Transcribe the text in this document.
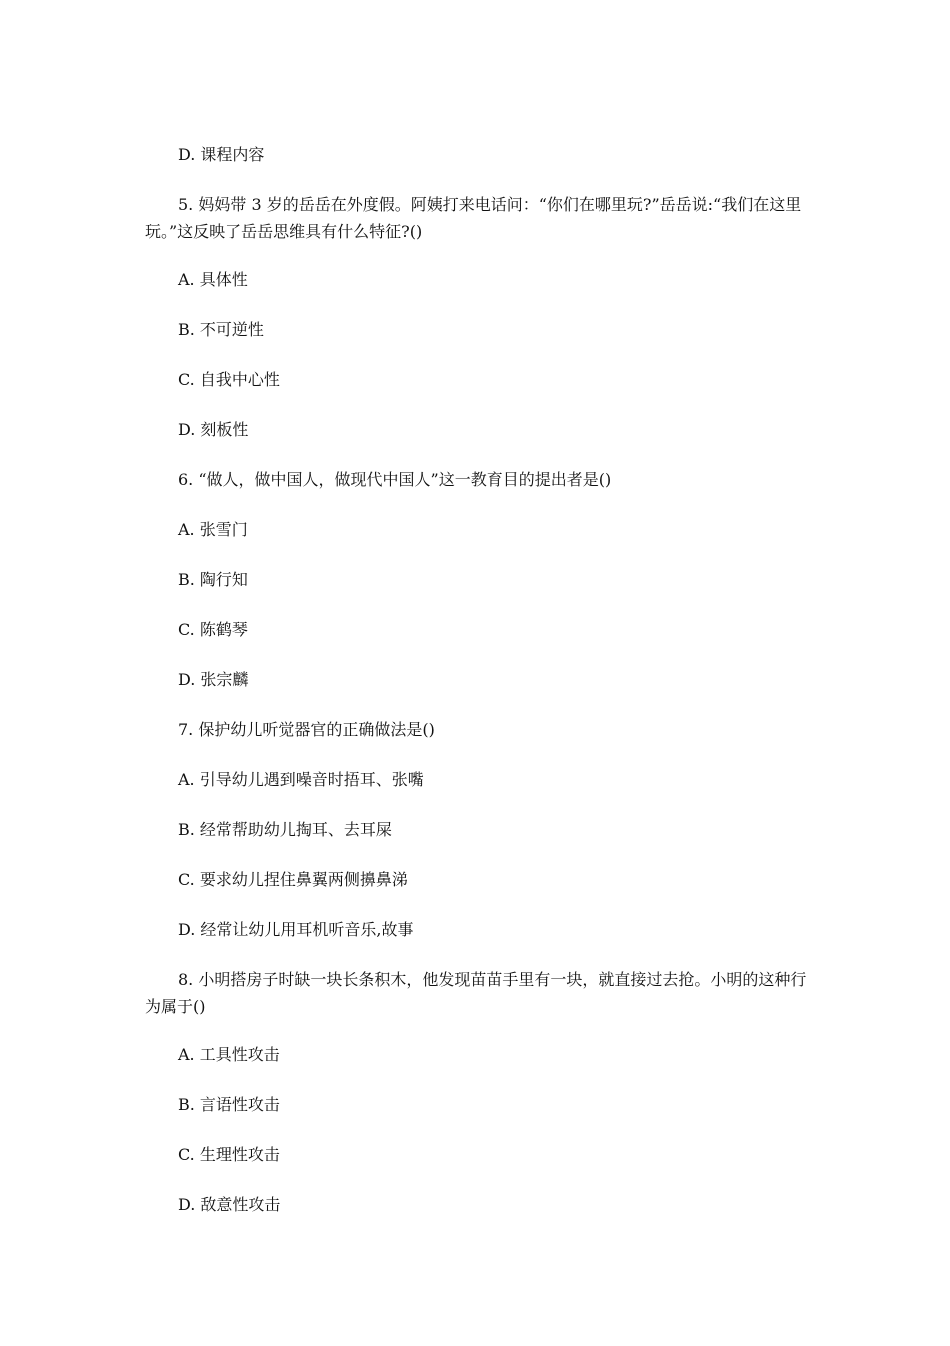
D. 课程内容
5. 妈妈带 3 岁的岳岳在外度假。阿姨打来电话问：“你们在哪里玩?”岳岳说:“我们在这里玩。”这反映了岳岳思维具有什么特征?()
A. 具体性
B. 不可逆性
C. 自我中心性
D. 刻板性
6. “做人，做中国人，做现代中国人”这一教育目的提出者是()
A. 张雪门
B. 陶行知
C. 陈鹤琴
D. 张宗麟
7. 保护幼儿听觉器官的正确做法是()
A. 引导幼儿遇到噪音时捂耳、张嘴
B. 经常帮助幼儿掏耳、去耳屎
C. 要求幼儿捏住鼻翼两侧擤鼻涕
D. 经常让幼儿用耳机听音乐,故事
8. 小明搭房子时缺一块长条积木，他发现苗苗手里有一块，就直接过去抢。小明的这种行为属于()
A. 工具性攻击
B. 言语性攻击
C. 生理性攻击
D. 敌意性攻击
